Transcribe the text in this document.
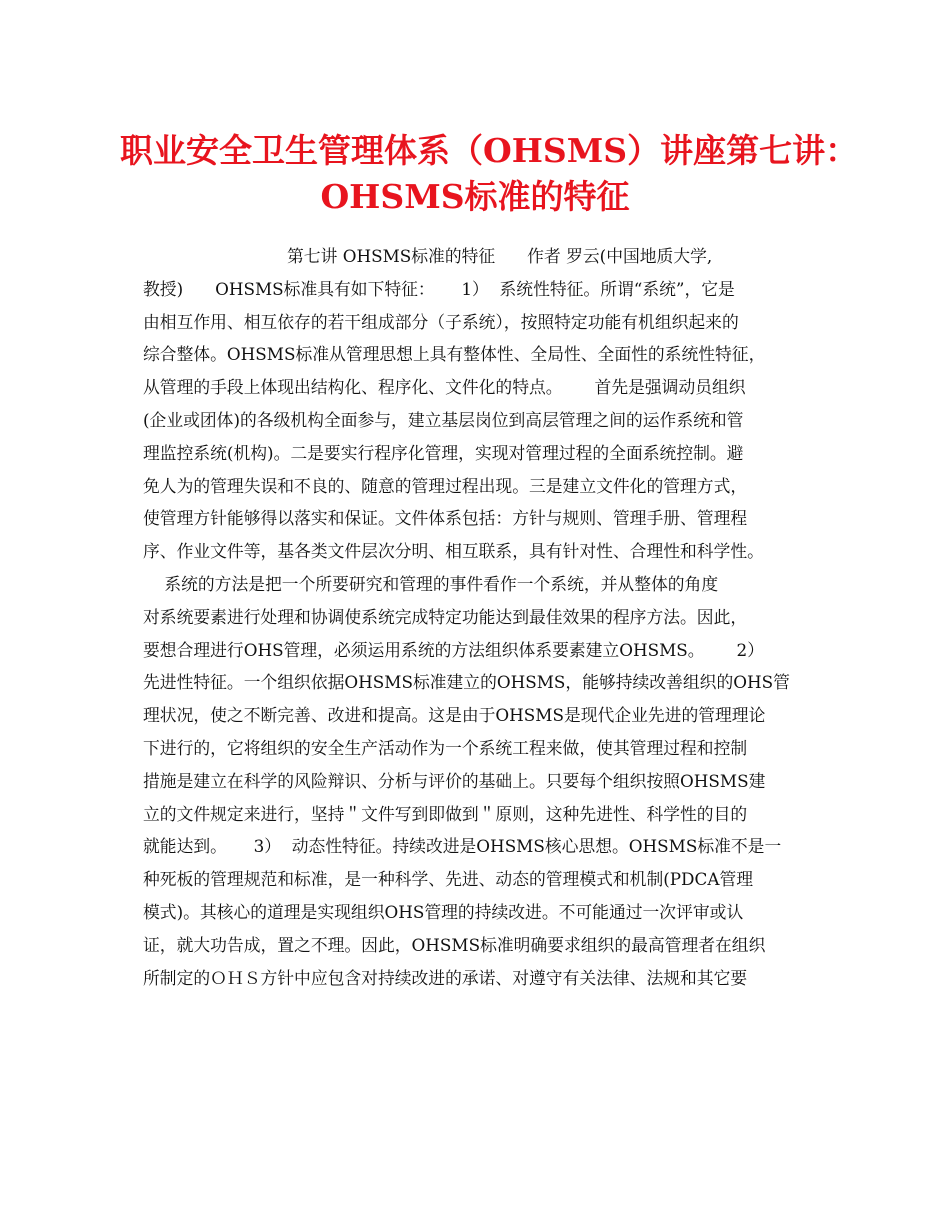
职业安全卫生管理体系（OHSMS）讲座第七讲：
OHSMS标准的特征
第七讲 OHSMS标准的特征      作者 罗云(中国地质大学,
教授)      OHSMS标准具有如下特征：     1）  系统性特征。所谓“系统”，它是
由相互作用、相互依存的若干组成部分（子系统），按照特定功能有机组织起来的
综合整体。OHSMS标准从管理思想上具有整体性、全局性、全面性的系统性特征，
从管理的手段上体现出结构化、程序化、文件化的特点。      首先是强调动员组织
(企业或团体)的各级机构全面参与，建立基层岗位到高层管理之间的运作系统和管
理监控系统(机构)。二是要实行程序化管理，实现对管理过程的全面系统控制。避
免人为的管理失误和不良的、随意的管理过程出现。三是建立文件化的管理方式，
使管理方针能够得以落实和保证。文件体系包括：方针与规则、管理手册、管理程
序、作业文件等，基各类文件层次分明、相互联系，具有针对性、合理性和科学性。
系统的方法是把一个所要研究和管理的事件看作一个系统，并从整体的角度
对系统要素进行处理和协调使系统完成特定功能达到最佳效果的程序方法。因此，
要想合理进行OHS管理，必须运用系统的方法组织体系要素建立OHSMS。      2）
先进性特征。一个组织依据OHSMS标准建立的OHSMS，能够持续改善组织的OHS管
理状况，使之不断完善、改进和提高。这是由于OHSMS是现代企业先进的管理理论
下进行的，它将组织的安全生产活动作为一个系统工程来做，使其管理过程和控制
措施是建立在科学的风险辩识、分析与评价的基础上。只要每个组织按照OHSMS建
立的文件规定来进行，坚持＂文件写到即做到＂原则，这种先进性、科学性的目的
就能达到。     3）  动态性特征。持续改进是OHSMS核心思想。OHSMS标准不是一
种死板的管理规范和标准，是一种科学、先进、动态的管理模式和机制(PDCA管理
模式)。其核心的道理是实现组织OHS管理的持续改进。不可能通过一次评审或认
证，就大功告成，置之不理。因此，OHSMS标准明确要求组织的最高管理者在组织
所制定的ＯＨＳ方针中应包含对持续改进的承诺、对遵守有关法律、法规和其它要
